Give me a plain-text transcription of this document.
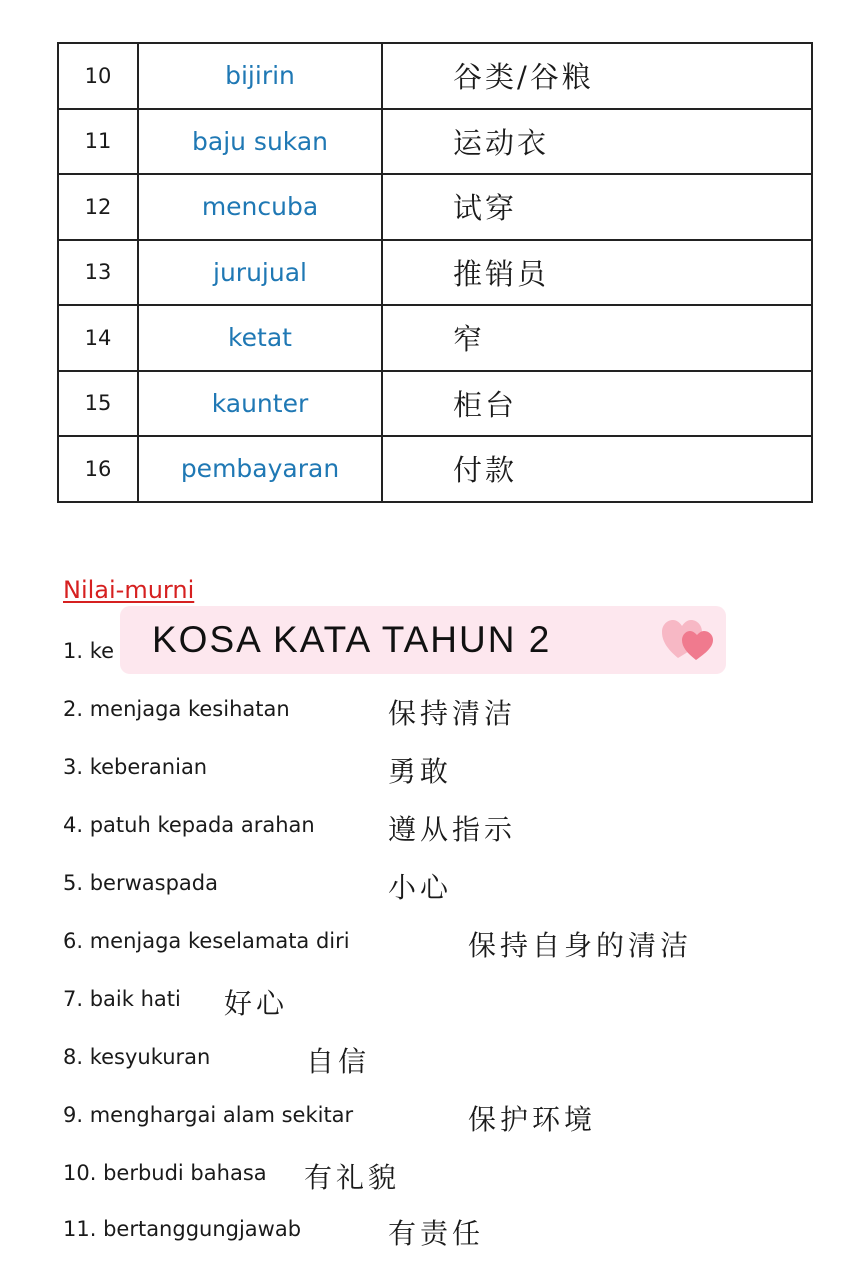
10	bijirin	谷类/谷粮
11	baju sukan	运动衣
12	mencuba	试穿
13	jurujual	推销员
14	ketat	窄
15	kaunter	柜台
16	pembayaran	付款
Nilai-murni
1. ke
2. menjaga kesihatan	保持清洁
3. keberanian	勇敢
4. patuh kepada arahan	遵从指示
5. berwaspada	小心
6. menjaga keselamata diri	保持自身的清洁
7. baik hati 好心
8. kesyukuran	自信
9. menghargai alam sekitar	保护环境
10. berbudi bahasa 有礼貌
11. bertanggungjawab	有责任
KOSA KATA TAHUN 2
